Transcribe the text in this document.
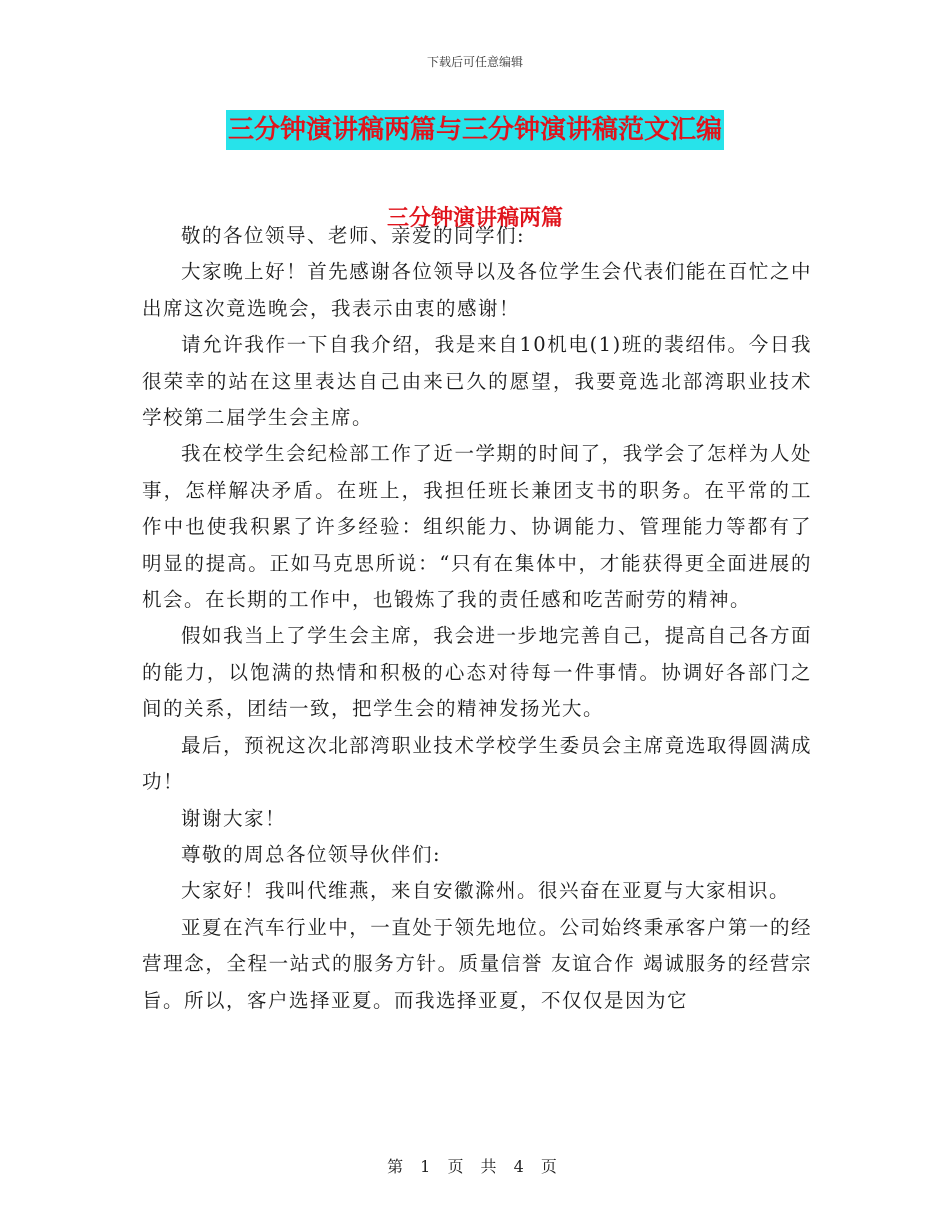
下载后可任意编辑
三分钟演讲稿两篇与三分钟演讲稿范文汇编
三分钟演讲稿两篇

敬的各位领导、老师、亲爱的同学们:

大家晚上好！首先感谢各位领导以及各位学生会代表们能在百忙之中出席这次竟选晚会，我表示由衷的感谢！

请允许我作一下自我介绍，我是来自10机电(1)班的裴绍伟。今日我很荣幸的站在这里表达自己由来已久的愿望，我要竟选北部湾职业技术学校第二届学生会主席。

我在校学生会纪检部工作了近一学期的时间了，我学会了怎样为人处事，怎样解决矛盾。在班上，我担任班长兼团支书的职务。在平常的工作中也使我积累了许多经验：组织能力、协调能力、管理能力等都有了明显的提高。正如马克思所说：“只有在集体中，才能获得更全面进展的机会。在长期的工作中，也锻炼了我的责任感和吃苦耐劳的精神。

假如我当上了学生会主席，我会进一步地完善自己，提高自己各方面的能力，以饱满的热情和积极的心态对待每一件事情。协调好各部门之间的关系，团结一致，把学生会的精神发扬光大。

最后，预祝这次北部湾职业技术学校学生委员会主席竟选取得圆满成功！

谢谢大家！

尊敬的周总各位领导伙伴们:

大家好！我叫代维燕，来自安徽滁州。很兴奋在亚夏与大家相识。

亚夏在汽车行业中，一直处于领先地位。公司始终秉承客户第一的经营理念，全程一站式的服务方针。质量信誉 友谊合作 竭诚服务的经营宗旨。所以，客户选择亚夏。而我选择亚夏，不仅仅是因为它

第 1 页 共 4 页
